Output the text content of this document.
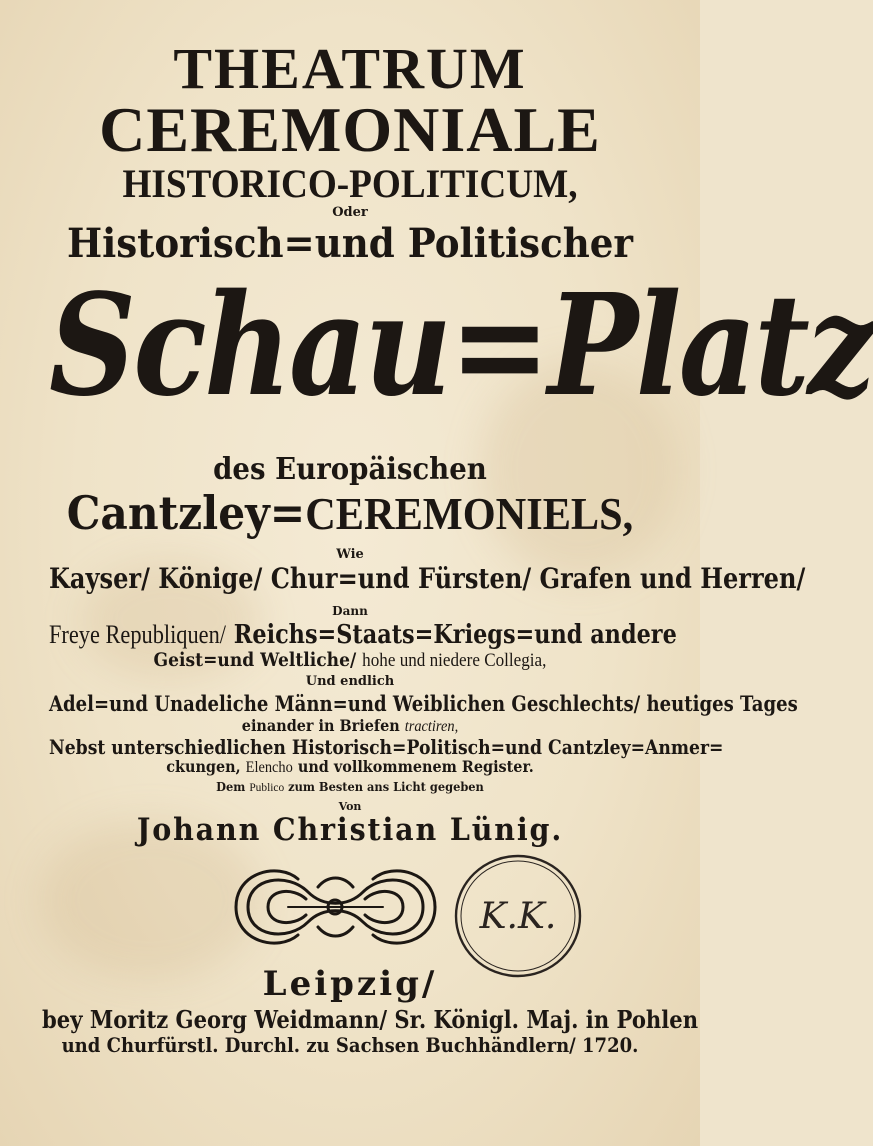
THEATRUM
CEREMONIALE
HISTORICO-POLITICUM,
Oder
Historisch=und Politischer
Schau=Platz
des Europäischen
Cantzley=CEREMONIELS,
Wie
Kayser/ Könige/ Chur=und Fürsten/ Grafen und Herren/
Dann
Freye Republiquen/ Reichs=Staats=Kriegs=und andere
Geist=und Weltliche/ hohe und niedere Collegia,
Und endlich
Adel=und Unadeliche Männ=und Weiblichen Geschlechts/ heutiges Tages
einander in Briefen tractiren,
Nebst unterschiedlichen Historisch=Politisch=und Cantzley=Anmer=
ckungen, Elencho und vollkommenem Register.
Dem Publico zum Besten ans Licht gegeben
Von
Johann Christian Lünig.
K.K.
Leipzig/
bey Moritz Georg Weidmann/ Sr. Königl. Maj. in Pohlen
und Churfürstl. Durchl. zu Sachsen Buchhändlern/ 1720.
